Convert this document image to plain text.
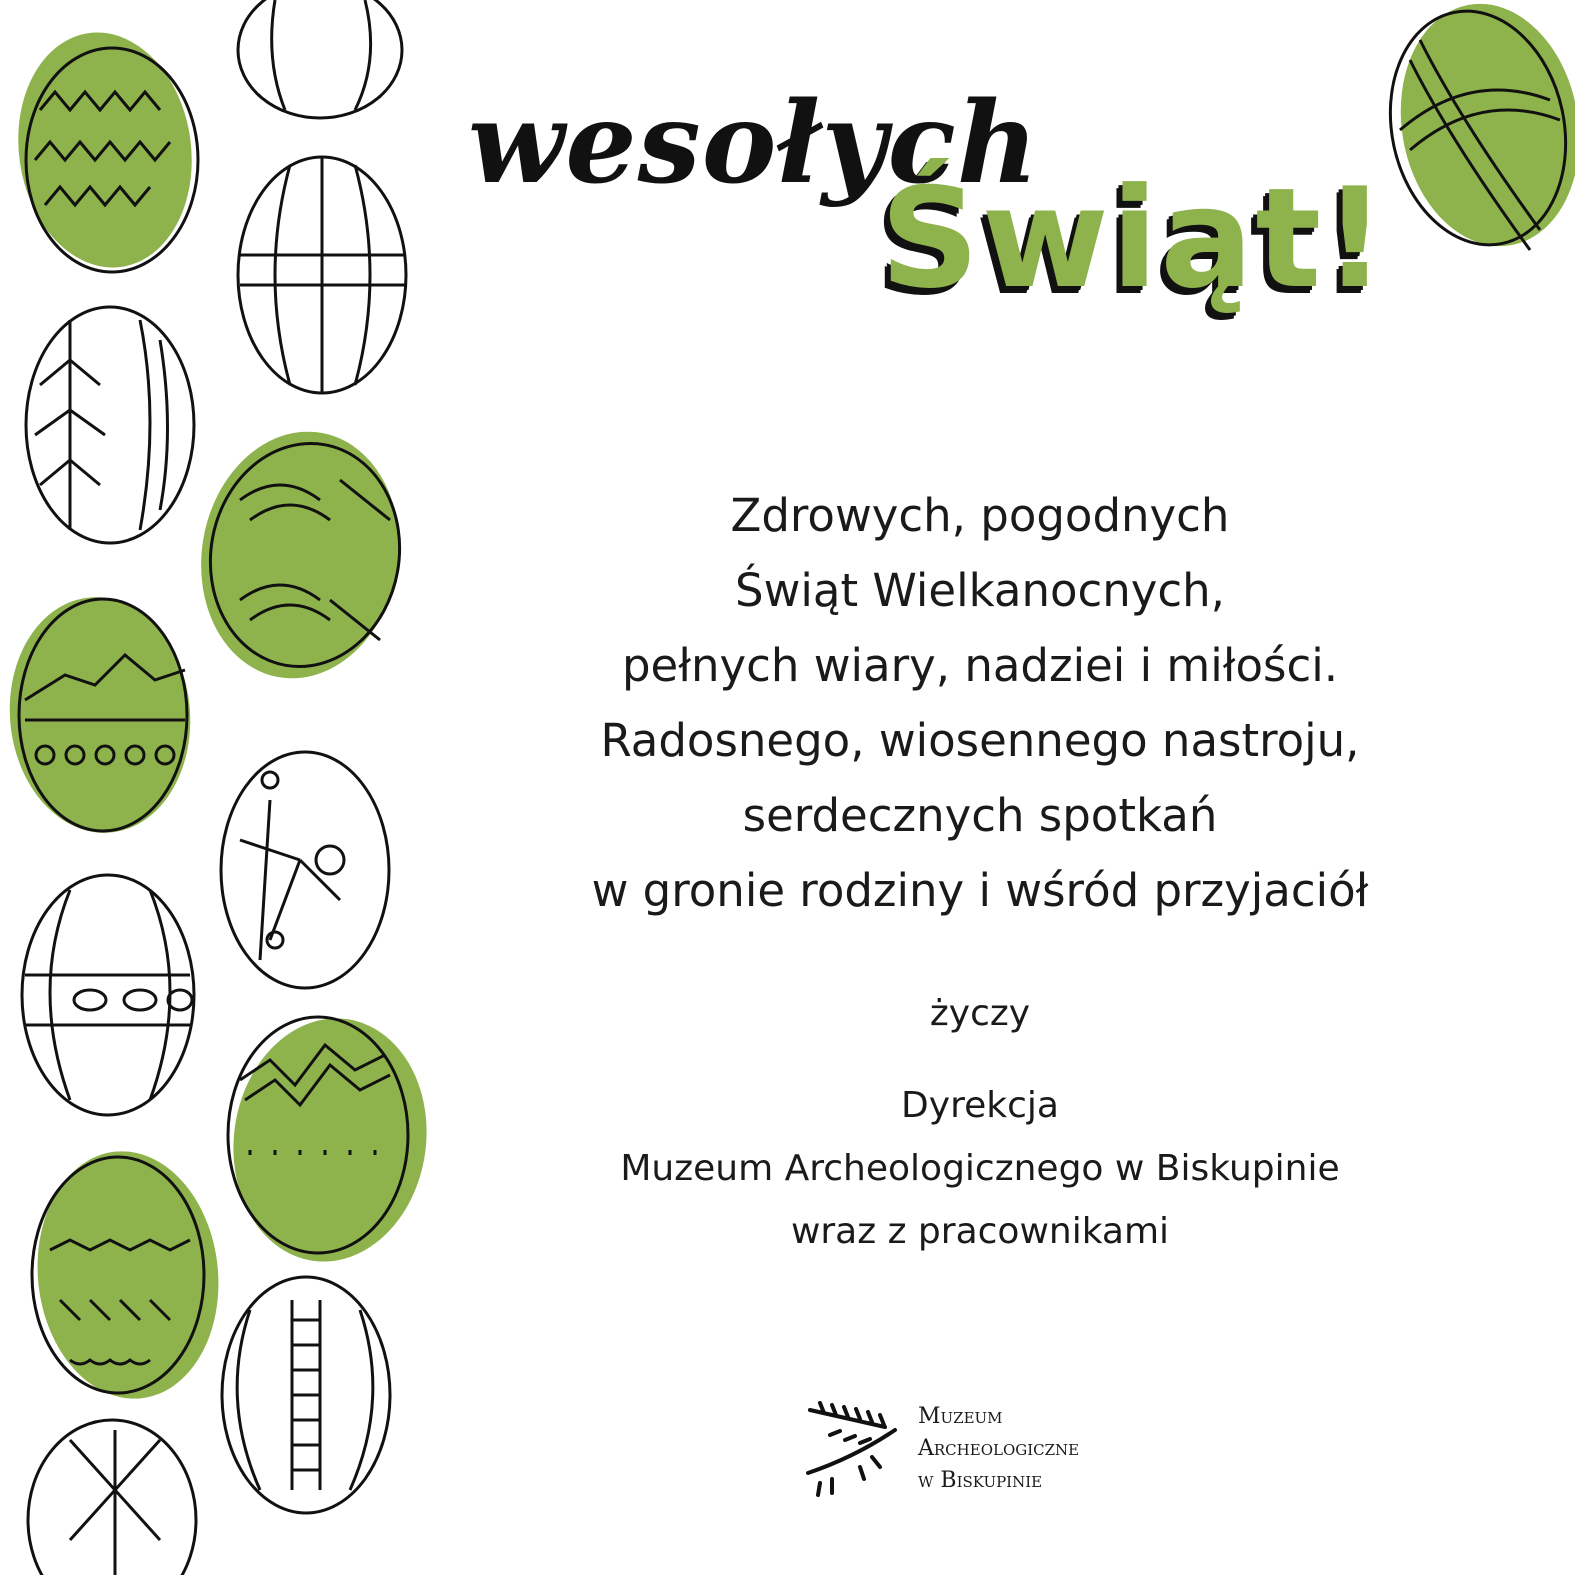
wesołych
Świąt!

Zdrowych, pogodnych
Świąt Wielkanocnych,
pełnych wiary, nadziei i miłości.
Radosnego, wiosennego nastroju,
serdecznych spotkań
w gronie rodziny i wśród przyjaciół

życzy
Dyrekcja
Muzeum Archeologicznego w Biskupinie
wraz z pracownikami
Muzeum
Archeologiczne
w Biskupinie
